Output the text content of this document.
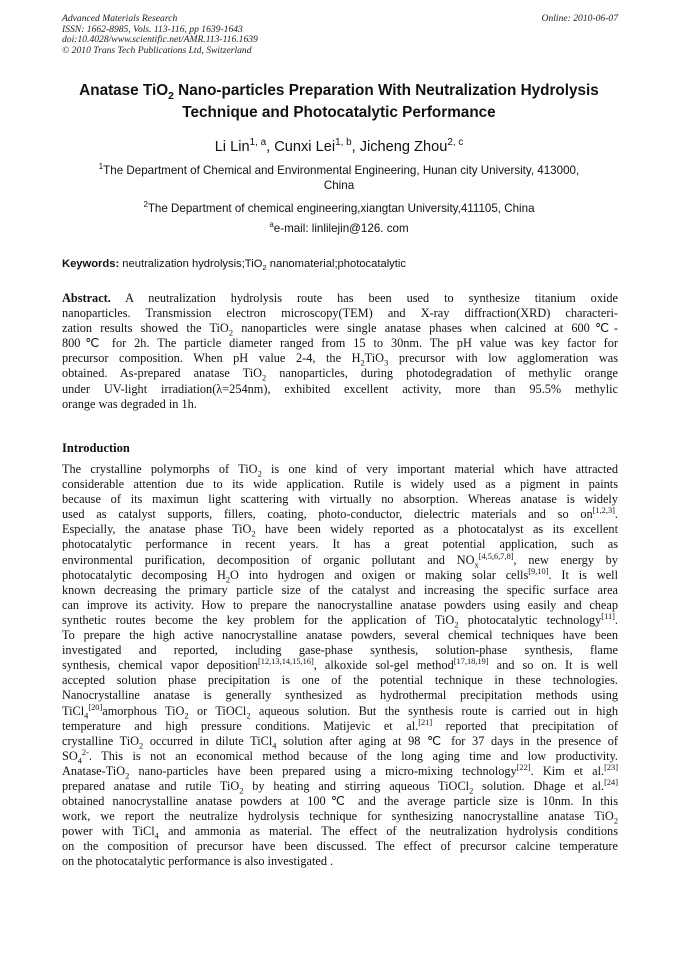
Advanced Materials Research
ISSN: 1662-8985, Vols. 113-116, pp 1639-1643
doi:10.4028/www.scientific.net/AMR.113-116.1639
© 2010 Trans Tech Publications Ltd, Switzerland
Online: 2010-06-07
Anatase TiO$_2$ Nano-particles Preparation With Neutralization Hydrolysis
Technique and Photocatalytic Performance
Li Lin$^{1, a}$, Cunxi Lei$^{1, b}$, Jicheng Zhou$^{2, c}$
$^1$The Department of Chemical and Environmental Engineering, Hunan city University, 413000,
China
$^2$The Department of chemical engineering,xiangtan University,411105, China
$^a$e-mail: linlilejin@126. com
Keywords: neutralization hydrolysis;TiO$_2$ nanomaterial;photocatalytic
Abstract. A neutralization hydrolysis route has been used to synthesize titanium oxide
nanoparticles. Transmission electron microscopy(TEM) and X-ray diffraction(XRD) characteri-
zation results showed the TiO$_2$ nanoparticles were single anatase phases when calcined at 600℃-
800℃ for 2h. The particle diameter ranged from 15 to 30nm. The pH value was key factor for
precursor composition. When pH value 2-4, the $H_2TiO_3$ precursor with low agglomeration was
obtained. As-prepared anatase TiO$_2$ nanoparticles, during photodegradation of methylic orange
under UV-light irradiation(λ=254nm), exhibited excellent activity, more than 95.5% methylic
orange was degraded in 1h.
Introduction
The crystalline polymorphs of TiO$_2$ is one kind of very important material which have attracted
considerable attention due to its wide application. Rutile is widely used as a pigment in paints
because of its maximun light scattering with virtually no absorption. Whereas anatase is widely
used as catalyst supports, fillers, coating, photo-conductor, dielectric materials and so on[1,2,3].
Especially, the anatase phase TiO$_2$ have been widely reported as a photocatalyst as its excellent
photocatalytic performance in recent years. It has a great potential application, such as
environmental purification, decomposition of organic pollutant and $NO_x[4,5,6,7,8]$, new energy by
photocatalytic decomposing $H_2O$ into hydrogen and oxigen or making solar cells[9,10]. It is well
known decreasing the primary particle size of the catalyst and increasing the specific surface area
can improve its activity. How to prepare the nanocrystalline anatase powders using easily and cheap
synthetic routes become the key problem for the application of TiO$_2$ photocatalytic technology[11].
To prepare the high active nanocrystalline anatase powders, several chemical techniques have been
investigated and reported, including gase-phase synthesis, solution-phase synthesis, flame
synthesis, chemical vapor deposition[12,13,14,15,16], alkoxide sol-gel method[17,18,19] and so on. It is well
accepted solution phase precipitation is one of the potential technique in these technologies.
Nanocrystalline anatase is generally synthesized as hydrothermal precipitation methods using
TiCl$_4$[20]amorphous TiO$_2$ or TiOCl$_2$ aqueous solution. But the synthesis route is carried out in high
temperature and high pressure conditions. Matijevic et al.[21] reported that precipitation of
crystalline TiO$_2$ occurred in dilute TiCl$_4$ solution after aging at 98 ℃ for 37 days in the presence of
$SO_4^{2-}$. This is not an economical method because of the long aging time and low productivity.
Anatase-TiO$_2$ nano-particles have been prepared using a micro-mixing technology[22]. Kim et al.[23]
prepared anatase and rutile TiO$_2$ by heating and stirring aqueous TiOCl$_2$ solution. Dhage et al.[24]
obtained nanocrystalline anatase powders at 100℃ and the average particle size is 10nm. In this
work, we report the neutralize hydrolysis technique for synthesizing nanocrystalline anatase TiO$_2$
power with TiCl$_4$ and ammonia as material. The effect of the neutralization hydrolysis conditions
on the composition of precursor have been discussed. The effect of precursor calcine temperature
on the photocatalytic performance is also investigated .
